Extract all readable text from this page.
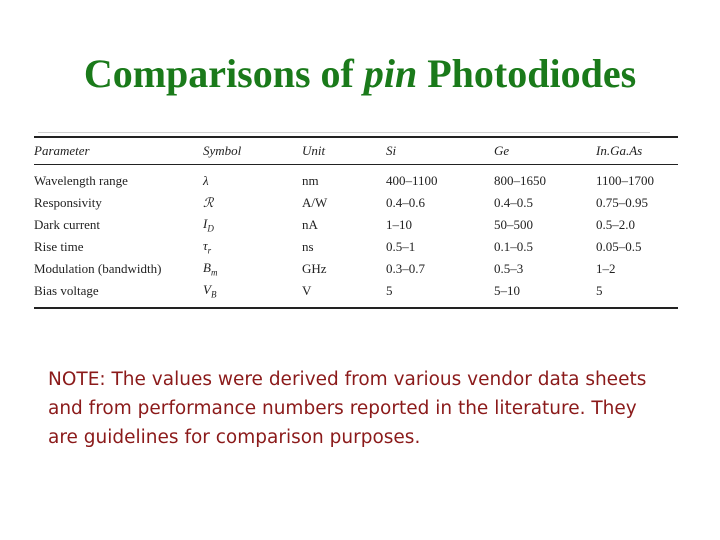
Comparisons of pin Photodiodes
Parameter	Symbol	Unit	Si	Ge	In.Ga.As
Wavelength range	λ	nm	400–1100	800–1650	1100–1700
Responsivity	ℛ	A/W	0.4–0.6	0.4–0.5	0.75–0.95
Dark current	$I_D$	nA	1–10	50–500	0.5–2.0
Rise time	$\tau_r$	ns	0.5–1	0.1–0.5	0.05–0.5
Modulation (bandwidth)	$B_m$	GHz	0.3–0.7	0.5–3	1–2
Bias voltage	$V_B$	V	5	5–10	5
NOTE: The values were derived from various vendor data sheets and from performance numbers reported in the literature. They are guidelines for comparison purposes.
